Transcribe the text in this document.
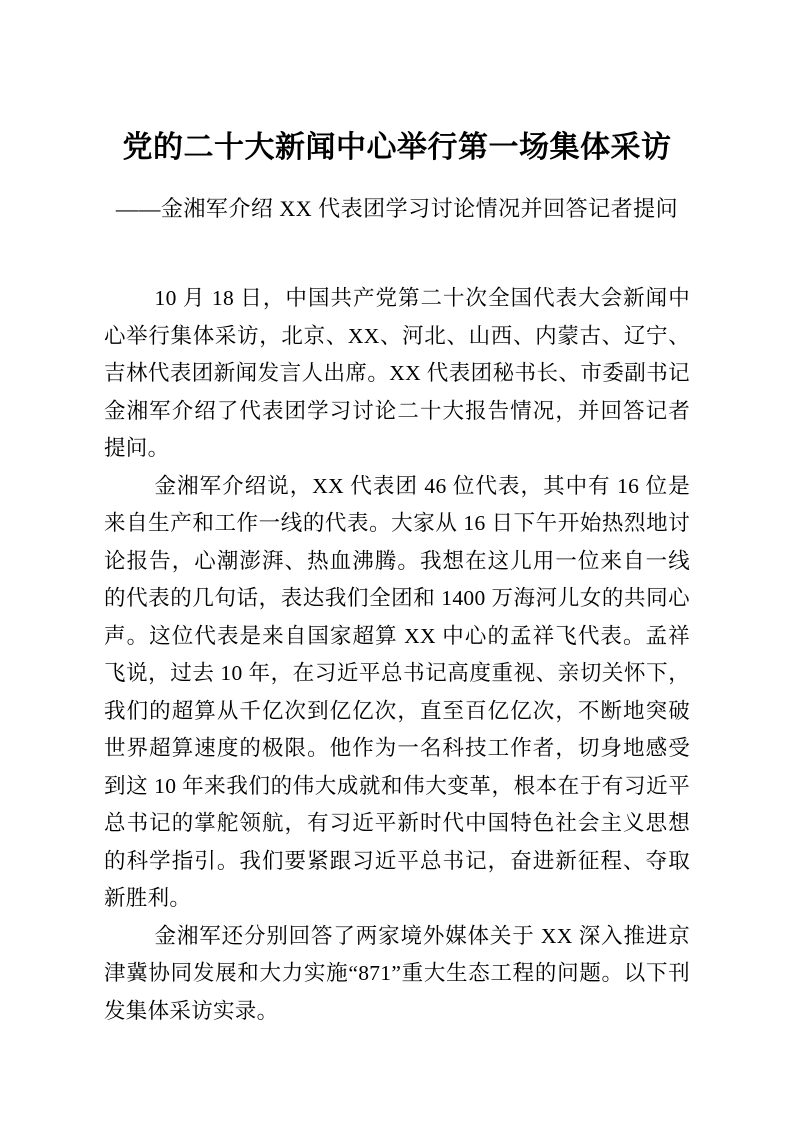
党的二十大新闻中心举行第一场集体采访
——金湘军介绍 XX 代表团学习讨论情况并回答记者提问

10 月 18 日，中国共产党第二十次全国代表大会新闻中心举行集体采访，北京、XX、河北、山西、内蒙古、辽宁、吉林代表团新闻发言人出席。XX 代表团秘书长、市委副书记金湘军介绍了代表团学习讨论二十大报告情况，并回答记者提问。

金湘军介绍说，XX 代表团 46 位代表，其中有 16 位是来自生产和工作一线的代表。大家从 16 日下午开始热烈地讨论报告，心潮澎湃、热血沸腾。我想在这儿用一位来自一线的代表的几句话，表达我们全团和 1400 万海河儿女的共同心声。这位代表是来自国家超算 XX 中心的孟祥飞代表。孟祥飞说，过去 10 年，在习近平总书记高度重视、亲切关怀下，我们的超算从千亿次到亿亿次，直至百亿亿次，不断地突破世界超算速度的极限。他作为一名科技工作者，切身地感受到这 10 年来我们的伟大成就和伟大变革，根本在于有习近平总书记的掌舵领航，有习近平新时代中国特色社会主义思想的科学指引。我们要紧跟习近平总书记，奋进新征程、夺取新胜利。

金湘军还分别回答了两家境外媒体关于 XX 深入推进京津冀协同发展和大力实施“871”重大生态工程的问题。以下刊发集体采访实录。
